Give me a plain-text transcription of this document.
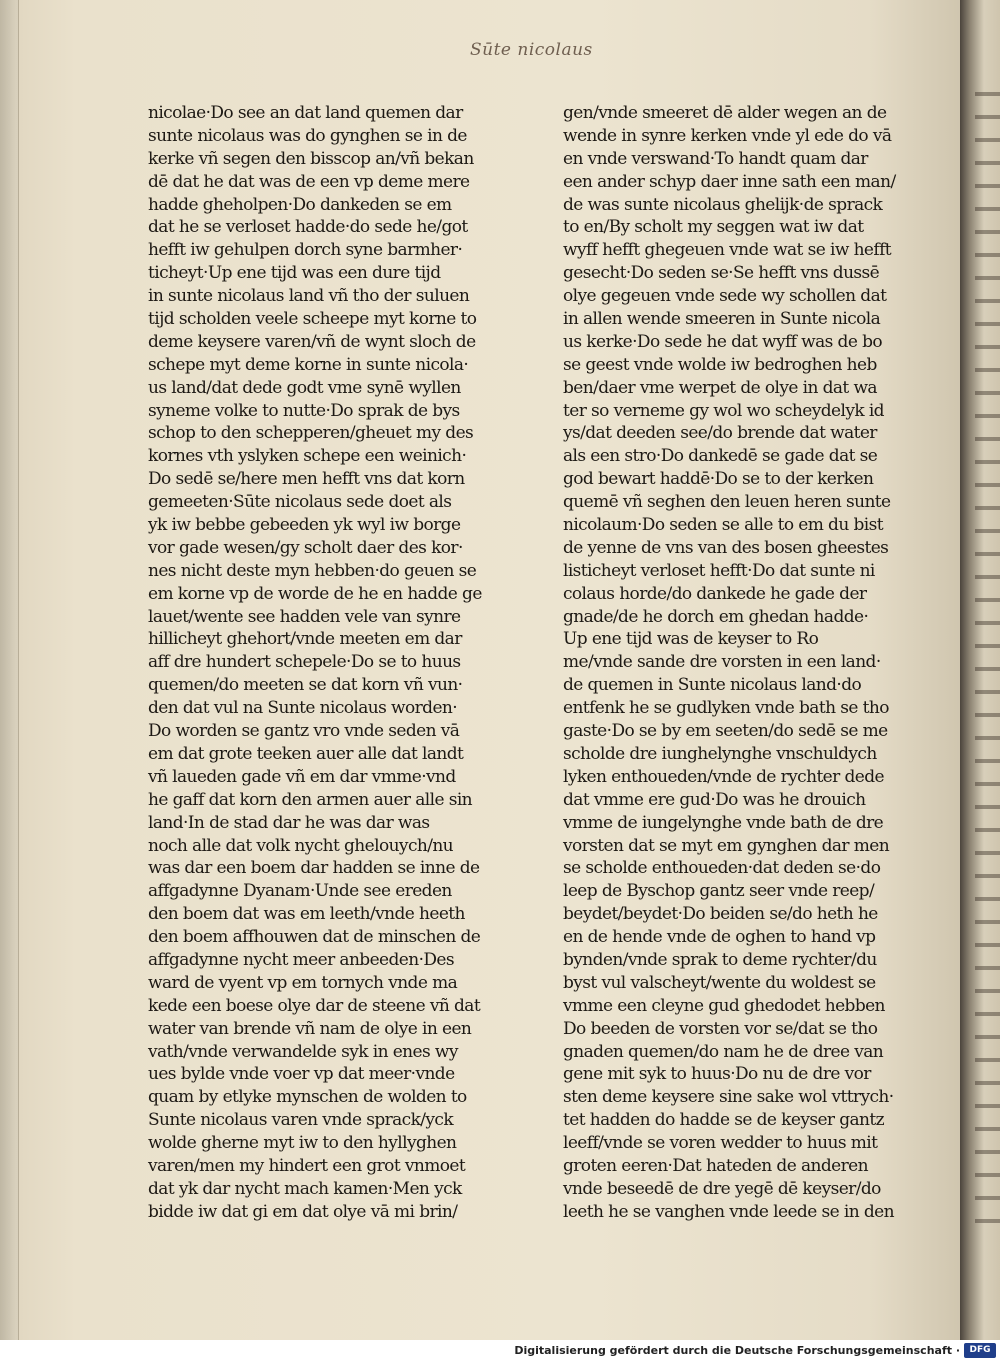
Sūte nicolaus
nicolae·Do see an dat land quemen dar
sunte nicolaus was do gynghen se in de
kerke vñ segen den bisscop an/vñ bekan
dē dat he dat was de een vp deme mere
hadde gheholpen·Do dankeden se em
dat he se verloset hadde·do sede he/got
hefft iw gehulpen dorch syne barmher·
ticheyt·Up ene tijd was een dure tijd
in sunte nicolaus land vñ tho der suluen
tijd scholden veele scheepe myt korne to
deme keysere varen/vñ de wynt sloch de
schepe myt deme korne in sunte nicola·
us land/dat dede godt vme synē wyllen
syneme volke to nutte·Do sprak de bys
schop to den schepperen/gheuet my des
kornes vth yslyken schepe een weinich·
Do sedē se/here men hefft vns dat korn
gemeeten·Sūte nicolaus sede doet als
yk iw bebbe gebeeden yk wyl iw borge
vor gade wesen/gy scholt daer des kor·
nes nicht deste myn hebben·do geuen se
em korne vp de worde de he en hadde ge
lauet/wente see hadden vele van synre
hillicheyt ghehort/vnde meeten em dar
aff dre hundert schepele·Do se to huus
quemen/do meeten se dat korn vñ vun·
den dat vul na Sunte nicolaus worden·
Do worden se gantz vro vnde seden vā
em dat grote teeken auer alle dat landt
vñ laueden gade vñ em dar vmme·vnd
he gaff dat korn den armen auer alle sin
land·In de stad dar he was dar was
noch alle dat volk nycht ghelouych/nu
was dar een boem dar hadden se inne de
affgadynne Dyanam·Unde see ereden
den boem dat was em leeth/vnde heeth
den boem affhouwen dat de minschen de
affgadynne nycht meer anbeeden·Des
ward de vyent vp em tornych vnde ma
kede een boese olye dar de steene vñ dat
water van brende vñ nam de olye in een
vath/vnde verwandelde syk in enes wy
ues bylde vnde voer vp dat meer·vnde
quam by etlyke mynschen de wolden to
Sunte nicolaus varen vnde sprack/yck
wolde gherne myt iw to den hyllyghen
varen/men my hindert een grot vnmoet
dat yk dar nycht mach kamen·Men yck
bidde iw dat gi em dat olye vā mi brin/
gen/vnde smeeret dē alder wegen an de
wende in synre kerken vnde yl ede do vā
en vnde verswand·To handt quam dar
een ander schyp daer inne sath een man/
de was sunte nicolaus ghelijk·de sprack
to en/By scholt my seggen wat iw dat
wyff hefft ghegeuen vnde wat se iw hefft
gesecht·Do seden se·Se hefft vns dussē
olye gegeuen vnde sede wy schollen dat
in allen wende smeeren in Sunte nicola
us kerke·Do sede he dat wyff was de bo
se geest vnde wolde iw bedroghen heb
ben/daer vme werpet de olye in dat wa
ter so verneme gy wol wo scheydelyk id
ys/dat deeden see/do brende dat water
als een stro·Do dankedē se gade dat se
god bewart haddē·Do se to der kerken
quemē vñ seghen den leuen heren sunte
nicolaum·Do seden se alle to em du bist
de yenne de vns van des bosen gheestes
listicheyt verloset hefft·Do dat sunte ni
colaus horde/do dankede he gade der
gnade/de he dorch em ghedan hadde·
Up ene tijd was de keyser to Ro
me/vnde sande dre vorsten in een land·
de quemen in Sunte nicolaus land·do
entfenk he se gudlyken vnde bath se tho
gaste·Do se by em seeten/do sedē se me
scholde dre iunghelynghe vnschuldych
lyken enthoueden/vnde de rychter dede
dat vmme ere gud·Do was he drouich
vmme de iungelynghe vnde bath de dre
vorsten dat se myt em gynghen dar men
se scholde enthoueden·dat deden se·do
leep de Byschop gantz seer vnde reep/
beydet/beydet·Do beiden se/do heth he
en de hende vnde de oghen to hand vp
bynden/vnde sprak to deme rychter/du
byst vul valscheyt/wente du woldest se
vmme een cleyne gud ghedodet hebben
Do beeden de vorsten vor se/dat se tho
gnaden quemen/do nam he de dree van
gene mit syk to huus·Do nu de dre vor
sten deme keysere sine sake wol vttrych·
tet hadden do hadde se de keyser gantz
leeff/vnde se voren wedder to huus mit
groten eeren·Dat hateden de anderen
vnde beseedē de dre yegē dē keyser/do
leeth he se vanghen vnde leede se in den
Digitalisierung gefördert durch die Deutsche Forschungsgemeinschaft ·	DFG
